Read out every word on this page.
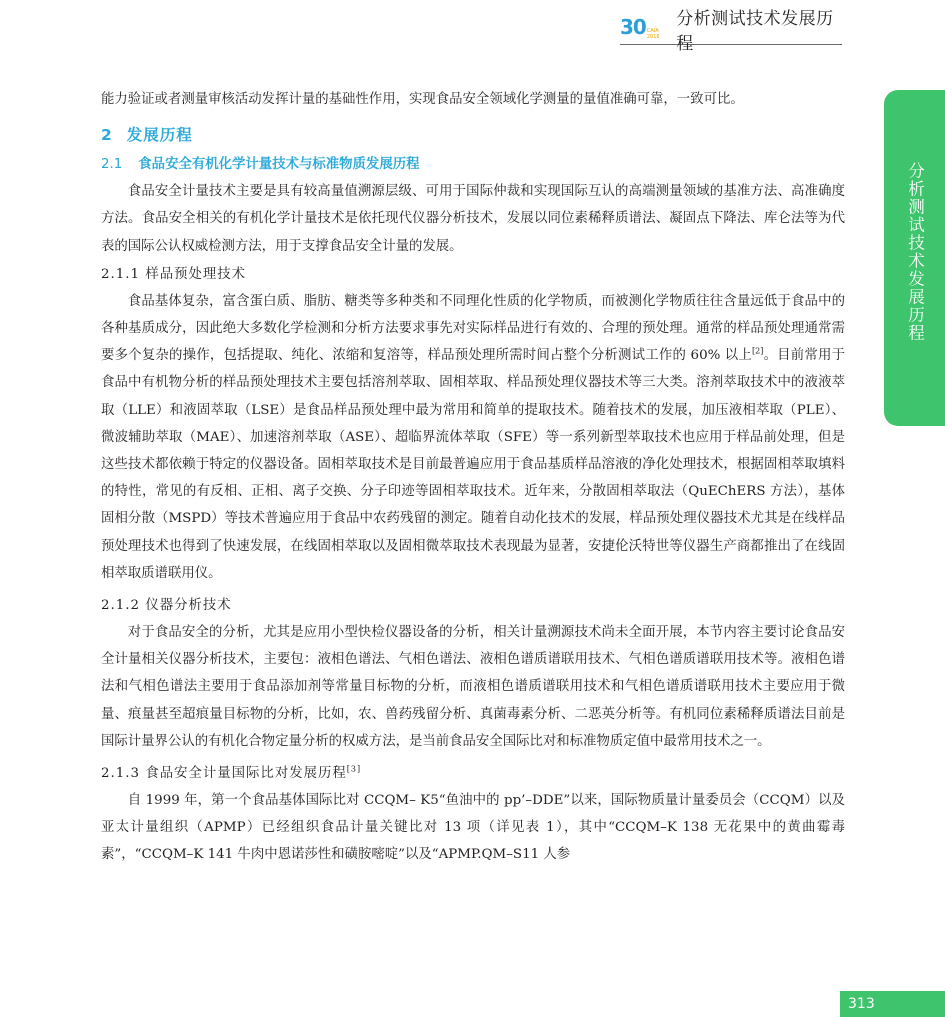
30 CAIA 2016
分析测试技术发展历程
分析测试技术发展历程

能力验证或者测量审核活动发挥计量的基础性作用，实现食品安全领域化学测量的量值准确可靠，一致可比。

2 发展历程
2.1 食品安全有机化学计量技术与标准物质发展历程

食品安全计量技术主要是具有较高量值溯源层级、可用于国际仲裁和实现国际互认的高端测量领域的基准方法、高准确度方法。食品安全相关的有机化学计量技术是依托现代仪器分析技术，发展以同位素稀释质谱法、凝固点下降法、库仑法等为代表的国际公认权威检测方法，用于支撑食品安全计量的发展。

2.1.1 样品预处理技术

食品基体复杂，富含蛋白质、脂肪、糖类等多种类和不同理化性质的化学物质，而被测化学物质往往含量远低于食品中的各种基质成分，因此绝大多数化学检测和分析方法要求事先对实际样品进行有效的、合理的预处理。通常的样品预处理通常需要多个复杂的操作，包括提取、纯化、浓缩和复溶等，样品预处理所需时间占整个分析测试工作的 60% 以上[2]。目前常用于食品中有机物分析的样品预处理技术主要包括溶剂萃取、固相萃取、样品预处理仪器技术等三大类。溶剂萃取技术中的液液萃取（LLE）和液固萃取（LSE）是食品样品预处理中最为常用和简单的提取技术。随着技术的发展，加压液相萃取（PLE）、微波辅助萃取（MAE）、加速溶剂萃取（ASE）、超临界流体萃取（SFE）等一系列新型萃取技术也应用于样品前处理，但是这些技术都依赖于特定的仪器设备。固相萃取技术是目前最普遍应用于食品基质样品溶液的净化处理技术，根据固相萃取填料的特性，常见的有反相、正相、离子交换、分子印迹等固相萃取技术。近年来，分散固相萃取法（QuEChERS 方法），基体固相分散（MSPD）等技术普遍应用于食品中农药残留的测定。随着自动化技术的发展，样品预处理仪器技术尤其是在线样品预处理技术也得到了快速发展，在线固相萃取以及固相微萃取技术表现最为显著，安捷伦沃特世等仪器生产商都推出了在线固相萃取质谱联用仪。

2.1.2 仪器分析技术

对于食品安全的分析，尤其是应用小型快检仪器设备的分析，相关计量溯源技术尚未全面开展，本节内容主要讨论食品安全计量相关仪器分析技术，主要包：液相色谱法、气相色谱法、液相色谱质谱联用技术、气相色谱质谱联用技术等。液相色谱法和气相色谱法主要用于食品添加剂等常量目标物的分析，而液相色谱质谱联用技术和气相色谱质谱联用技术主要应用于微量、痕量甚至超痕量目标物的分析，比如，农、兽药残留分析、真菌毒素分析、二恶英分析等。有机同位素稀释质谱法目前是国际计量界公认的有机化合物定量分析的权威方法，是当前食品安全国际比对和标准物质定值中最常用技术之一。

2.1.3 食品安全计量国际比对发展历程[3]

自 1999 年，第一个食品基体国际比对 CCQM– K5“鱼油中的 pp’–DDE”以来，国际物质量计量委员会（CCQM）以及亚太计量组织（APMP）已经组织食品计量关键比对 13 项（详见表 1），其中“CCQM–K 138 无花果中的黄曲霉毒素”，“CCQM–K 141 牛肉中恩诺莎性和磺胺嘧啶”以及“APMP.QM–S11 人参

313
